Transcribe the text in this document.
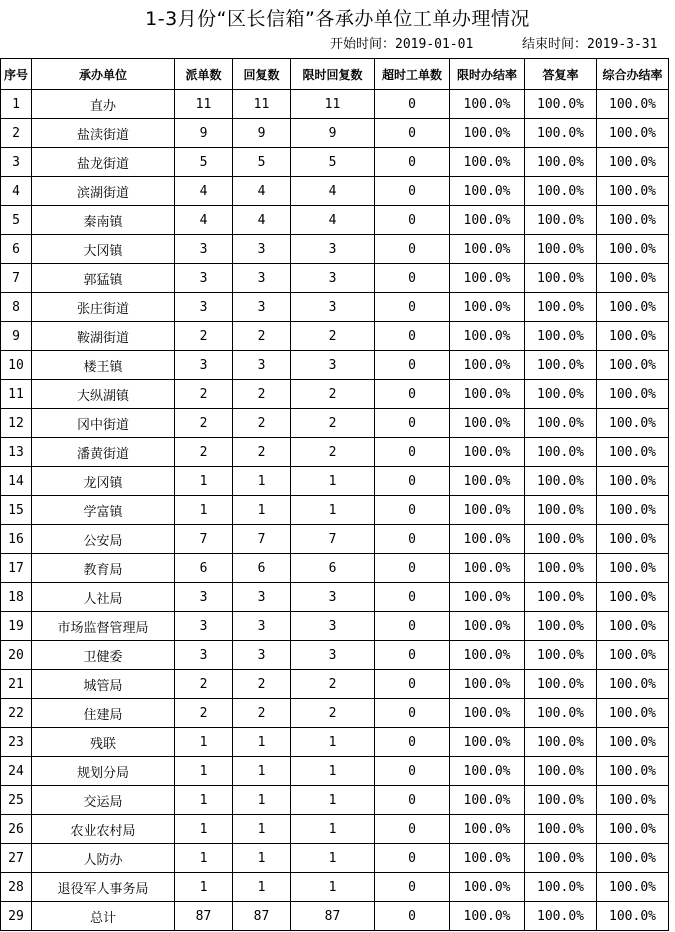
1-3月份“区长信箱”各承办单位工单办理情况
开始时间：2019-01-01	结束时间：2019-3-31
序号	承办单位	派单数	回复数	限时回复数	超时工单数	限时办结率	答复率	综合办结率
1	直办	11	11	11	0	100.0%	100.0%	100.0%
2	盐渎街道	9	9	9	0	100.0%	100.0%	100.0%
3	盐龙街道	5	5	5	0	100.0%	100.0%	100.0%
4	滨湖街道	4	4	4	0	100.0%	100.0%	100.0%
5	秦南镇	4	4	4	0	100.0%	100.0%	100.0%
6	大冈镇	3	3	3	0	100.0%	100.0%	100.0%
7	郭猛镇	3	3	3	0	100.0%	100.0%	100.0%
8	张庄街道	3	3	3	0	100.0%	100.0%	100.0%
9	鞍湖街道	2	2	2	0	100.0%	100.0%	100.0%
10	楼王镇	3	3	3	0	100.0%	100.0%	100.0%
11	大纵湖镇	2	2	2	0	100.0%	100.0%	100.0%
12	冈中街道	2	2	2	0	100.0%	100.0%	100.0%
13	潘黄街道	2	2	2	0	100.0%	100.0%	100.0%
14	龙冈镇	1	1	1	0	100.0%	100.0%	100.0%
15	学富镇	1	1	1	0	100.0%	100.0%	100.0%
16	公安局	7	7	7	0	100.0%	100.0%	100.0%
17	教育局	6	6	6	0	100.0%	100.0%	100.0%
18	人社局	3	3	3	0	100.0%	100.0%	100.0%
19	市场监督管理局	3	3	3	0	100.0%	100.0%	100.0%
20	卫健委	3	3	3	0	100.0%	100.0%	100.0%
21	城管局	2	2	2	0	100.0%	100.0%	100.0%
22	住建局	2	2	2	0	100.0%	100.0%	100.0%
23	残联	1	1	1	0	100.0%	100.0%	100.0%
24	规划分局	1	1	1	0	100.0%	100.0%	100.0%
25	交运局	1	1	1	0	100.0%	100.0%	100.0%
26	农业农村局	1	1	1	0	100.0%	100.0%	100.0%
27	人防办	1	1	1	0	100.0%	100.0%	100.0%
28	退役军人事务局	1	1	1	0	100.0%	100.0%	100.0%
29	总计	87	87	87	0	100.0%	100.0%	100.0%
